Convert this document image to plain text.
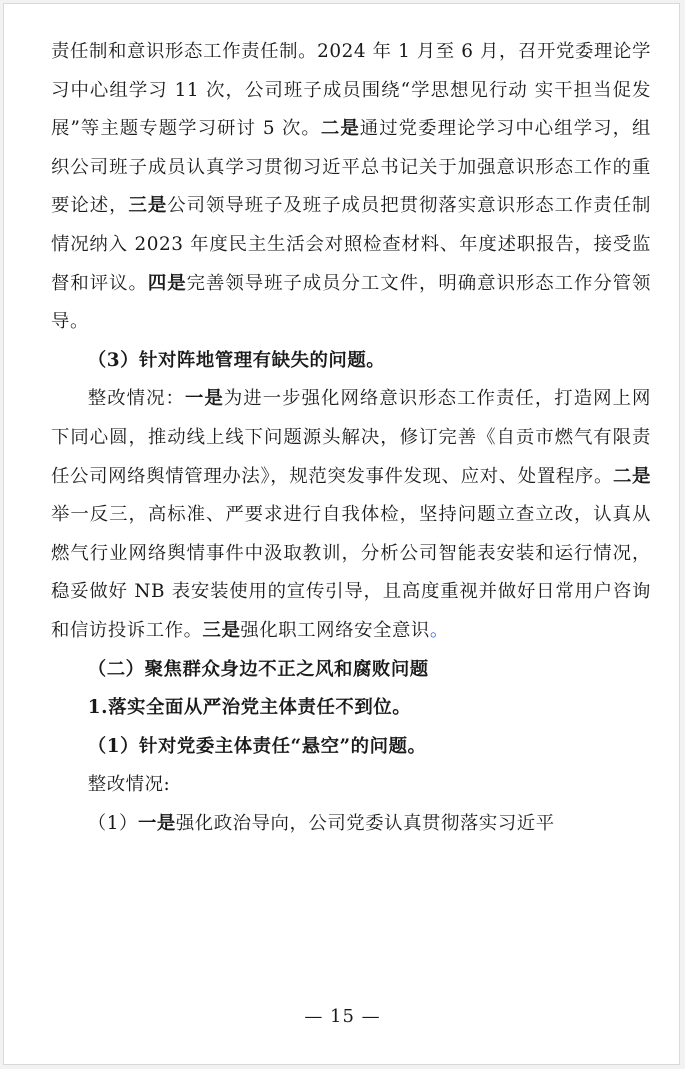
责任制和意识形态工作责任制。2024 年 1 月至 6 月，召开党委理论学习中心组学习 11 次，公司班子成员围绕“学思想见行动 实干担当促发展”等主题专题学习研讨 5 次。二是通过党委理论学习中心组学习，组织公司班子成员认真学习贯彻习近平总书记关于加强意识形态工作的重要论述，三是公司领导班子及班子成员把贯彻落实意识形态工作责任制情况纳入 2023 年度民主生活会对照检查材料、年度述职报告，接受监督和评议。四是完善领导班子成员分工文件，明确意识形态工作分管领导。

（3）针对阵地管理有缺失的问题。

整改情况：一是为进一步强化网络意识形态工作责任，打造网上网下同心圆，推动线上线下问题源头解决，修订完善《自贡市燃气有限责任公司网络舆情管理办法》，规范突发事件发现、应对、处置程序。二是举一反三，高标准、严要求进行自我体检，坚持问题立查立改，认真从燃气行业网络舆情事件中汲取教训，分析公司智能表安装和运行情况，稳妥做好 NB 表安装使用的宣传引导，且高度重视并做好日常用户咨询和信访投诉工作。三是强化职工网络安全意识。

（二）聚焦群众身边不正之风和腐败问题

1.落实全面从严治党主体责任不到位。

（1）针对党委主体责任“悬空”的问题。

整改情况:

（1）一是强化政治导向，公司党委认真贯彻落实习近平

— 15 —
